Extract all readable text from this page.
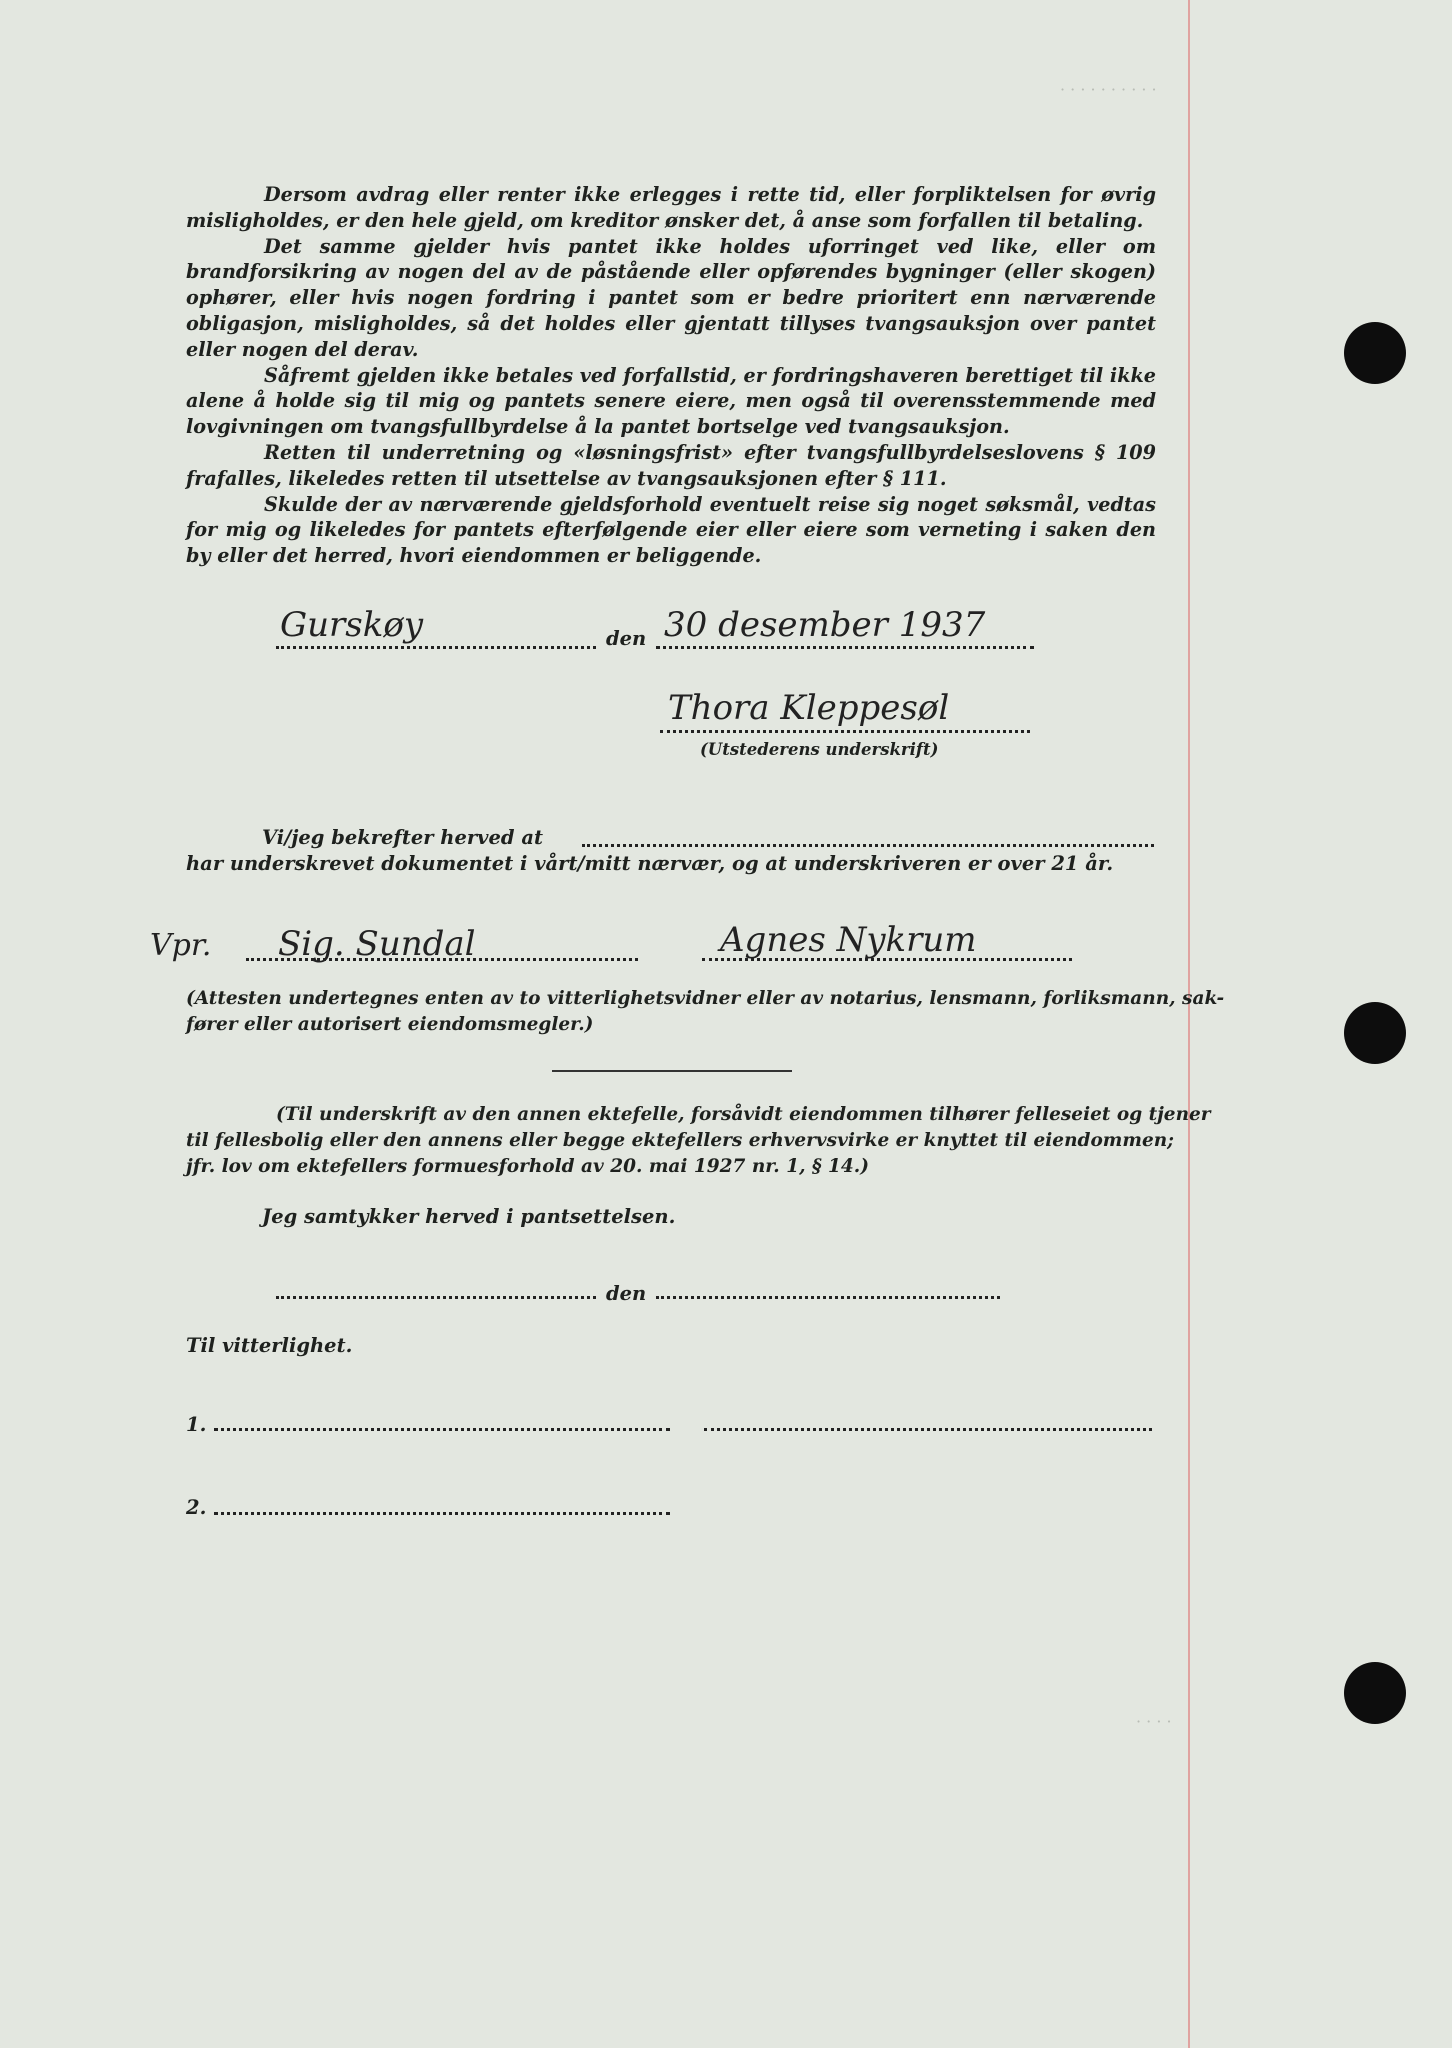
· · · · · · · · · ·

Dersom avdrag eller renter ikke erlegges i rette tid, eller forpliktelsen for øvrig misligholdes, er den hele gjeld, om kreditor ønsker det, å anse som forfallen til betaling.

Det samme gjelder hvis pantet ikke holdes uforringet ved like, eller om brandforsikring av nogen del av de påstående eller opførendes bygninger (eller skogen) ophører, eller hvis nogen fordring i pantet som er bedre prioritert enn nærværende obligasjon, misligholdes, så det holdes eller gjentatt tillyses tvangsauksjon over pantet eller nogen del derav.

Såfremt gjelden ikke betales ved forfallstid, er fordringshaveren berettiget til ikke alene å holde sig til mig og pantets senere eiere, men også til overensstemmende med lovgivningen om tvangsfullbyrdelse å la pantet bortselge ved tvangsauksjon.

Retten til underretning og «løsningsfrist» efter tvangsfullbyrdelseslovens § 109 frafalles, likeledes retten til utsettelse av tvangsauksjonen efter § 111.

Skulde der av nærværende gjeldsforhold eventuelt reise sig noget søksmål, vedtas for mig og likeledes for pantets efterfølgende eier eller eiere som verneting i saken den by eller det herred, hvori eiendommen er beliggende.

Gurskøy	den 30 desember 1937
Thora Kleppesøl
(Utstederens underskrift)
Vi/jeg bekrefter herved at
har underskrevet dokumentet i vårt/mitt nærvær, og at underskriveren er over 21 år.
Vpr. Sig. Sundal	Agnes Nykrum
(Attesten undertegnes enten av to vitterlighetsvidner eller av notarius, lensmann, forliksmann, sak-
fører eller autorisert eiendomsmegler.)
(Til underskrift av den annen ektefelle, forsåvidt eiendommen tilhører felleseiet og tjener
til fellesbolig eller den annens eller begge ektefellers erhvervsvirke er knyttet til eiendommen;
jfr. lov om ektefellers formuesforhold av 20. mai 1927 nr. 1, § 14.)
Jeg samtykker herved i pantsettelsen.
den
Til vitterlighet.
1.
2.
· · · ·
